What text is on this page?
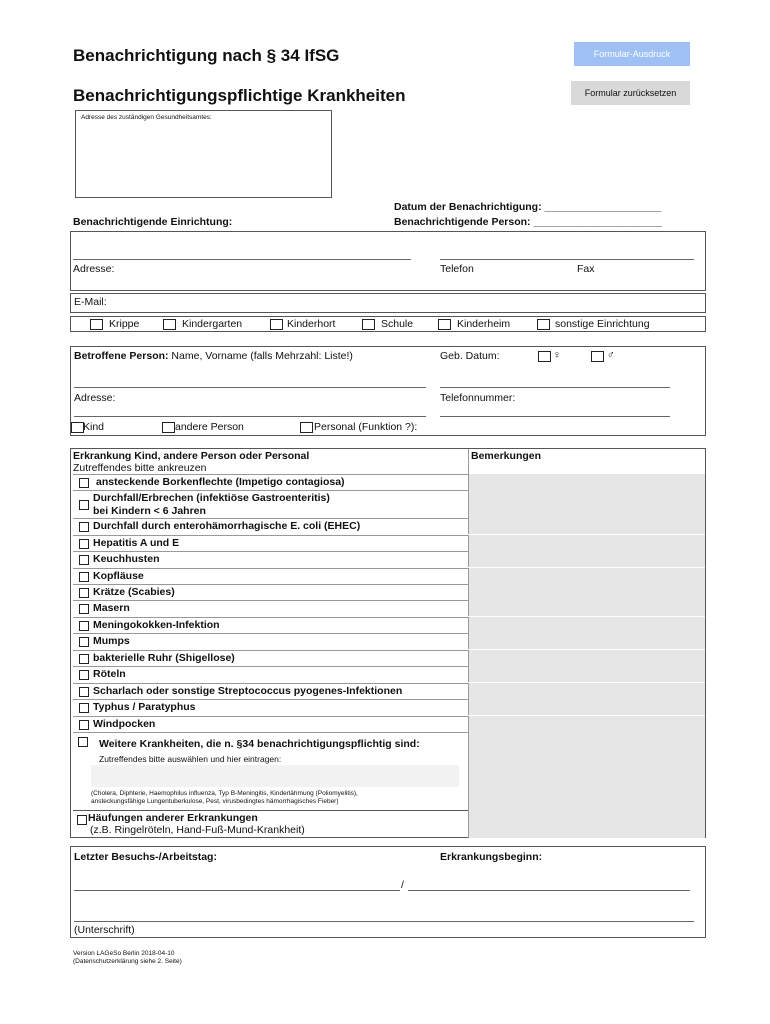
Benachrichtigung nach § 34 IfSG	Formular-Ausdruck
Benachrichtigungspflichtige Krankheiten	Formular zurücksetzen
Adresse des zuständigen Gesundheitsamtes:
Datum der Benachrichtigung: ____________________
Benachrichtigende Person: ______________________
Benachrichtigende Einrichtung:
Adresse:	Telefon	Fax
E-Mail:
Krippe	Kindergarten	Kinderhort	Schule	Kinderheim	sonstige Einrichtung
Betroffene Person: Name, Vorname (falls Mehrzahl: Liste!)	Geb. Datum:	♀	♂
Adresse:	Telefonnummer:
Kind	andere Person	Personal (Funktion ?):
Bemerkungen
Erkrankung Kind, andere Person oder Personal
Zutreffendes bitte ankreuzen
ansteckende Borkenflechte (Impetigo contagiosa)
Durchfall/Erbrechen (infektiöse Gastroenteritis)
bei Kindern < 6 Jahren
Durchfall durch enterohämorrhagische E. coli (EHEC)
Hepatitis A und E
Keuchhusten
Kopfläuse
Krätze (Scabies)
Masern
Meningokokken-Infektion
Mumps
bakterielle Ruhr (Shigellose)
Röteln
Scharlach oder sonstige Streptococcus pyogenes-Infektionen
Typhus / Paratyphus
Windpocken
Weitere Krankheiten, die n. §34 benachrichtigungspflichtig sind:
Zutreffendes bitte auswählen und hier eintragen:
(Cholera, Diphterie, Haemophilus influenza, Typ B-Meningitis, Kinderlähmung (Poliomyelitis),
ansteckungsfähige Lungentuberkulose, Pest, virusbedingtes hämorrhagisches Fieber)
Häufungen anderer Erkrankungen
(z.B. Ringelröteln, Hand-Fuß-Mund-Krankheit)
Letzter Besuchs-/Arbeitstag:	Erkrankungsbeginn:
/
(Unterschrift)
Version LAGeSo Berlin 2018-04-10
(Datenschutzerklärung siehe 2. Seite)
